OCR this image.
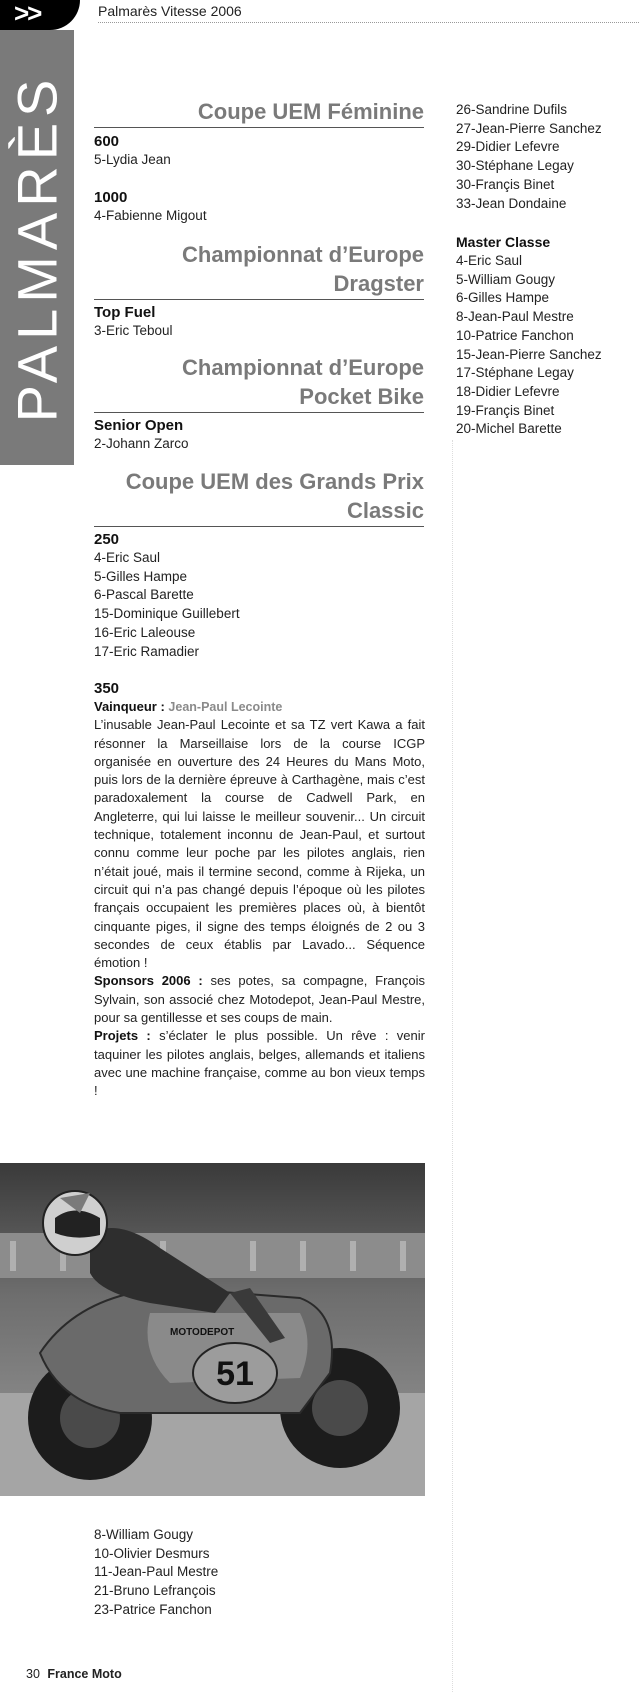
>>	Palmarès Vitesse 2006
PALMARÈS	Coupe UEM Féminine
600
5-Lydia Jean
1000
4-Fabienne Migout
Championnat d’Europe
Dragster
Top Fuel
3-Eric Teboul
Championnat d’Europe
Pocket Bike
Senior Open
2-Johann Zarco
Coupe UEM des Grands Prix
Classic
250
4-Eric Saul
5-Gilles Hampe
6-Pascal Barette
15-Dominique Guillebert
16-Eric Laleouse
17-Eric Ramadier
350
Vainqueur : Jean-Paul Lecointe
L’inusable Jean-Paul Lecointe et sa TZ vert Kawa a fait résonner la Marseillaise lors de la course ICGP organisée en ouverture des 24 Heures du Mans Moto, puis lors de la dernière épreuve à Carthagène, mais c’est paradoxalement la course de Cadwell Park, en Angleterre, qui lui laisse le meilleur souvenir... Un circuit technique, totalement inconnu de Jean-Paul, et surtout connu comme leur poche par les pilotes anglais, rien n’était joué, mais il termine second, comme à Rijeka, un circuit qui n’a pas changé depuis l’époque où les pilotes français occupaient les premières places où, à bientôt cinquante piges, il signe des temps éloignés de 2 ou 3 secondes de ceux établis par Lavado... Séquence émotion !
Sponsors 2006 : ses potes, sa compagne, François Sylvain, son associé chez Motodepot, Jean-Paul Mestre, pour sa gentillesse et ses coups de main.
Projets : s’éclater le plus possible. Un rêve : venir taquiner les pilotes anglais, belges, allemands et italiens avec une machine française, comme au bon vieux temps !
51
MOTODEPOT
8-William Gougy
10-Olivier Desmurs
11-Jean-Paul Mestre
21-Bruno Lefrançois
23-Patrice Fanchon
26-Sandrine Dufils
27-Jean-Pierre Sanchez
29-Didier Lefevre
30-Stéphane Legay
30-Françis Binet
33-Jean Dondaine
Master Classe
4-Eric Saul
5-William Gougy
6-Gilles Hampe
8-Jean-Paul Mestre
10-Patrice Fanchon
15-Jean-Pierre Sanchez
17-Stéphane Legay
18-Didier Lefevre
19-Françis Binet
20-Michel Barette
30 France Moto
